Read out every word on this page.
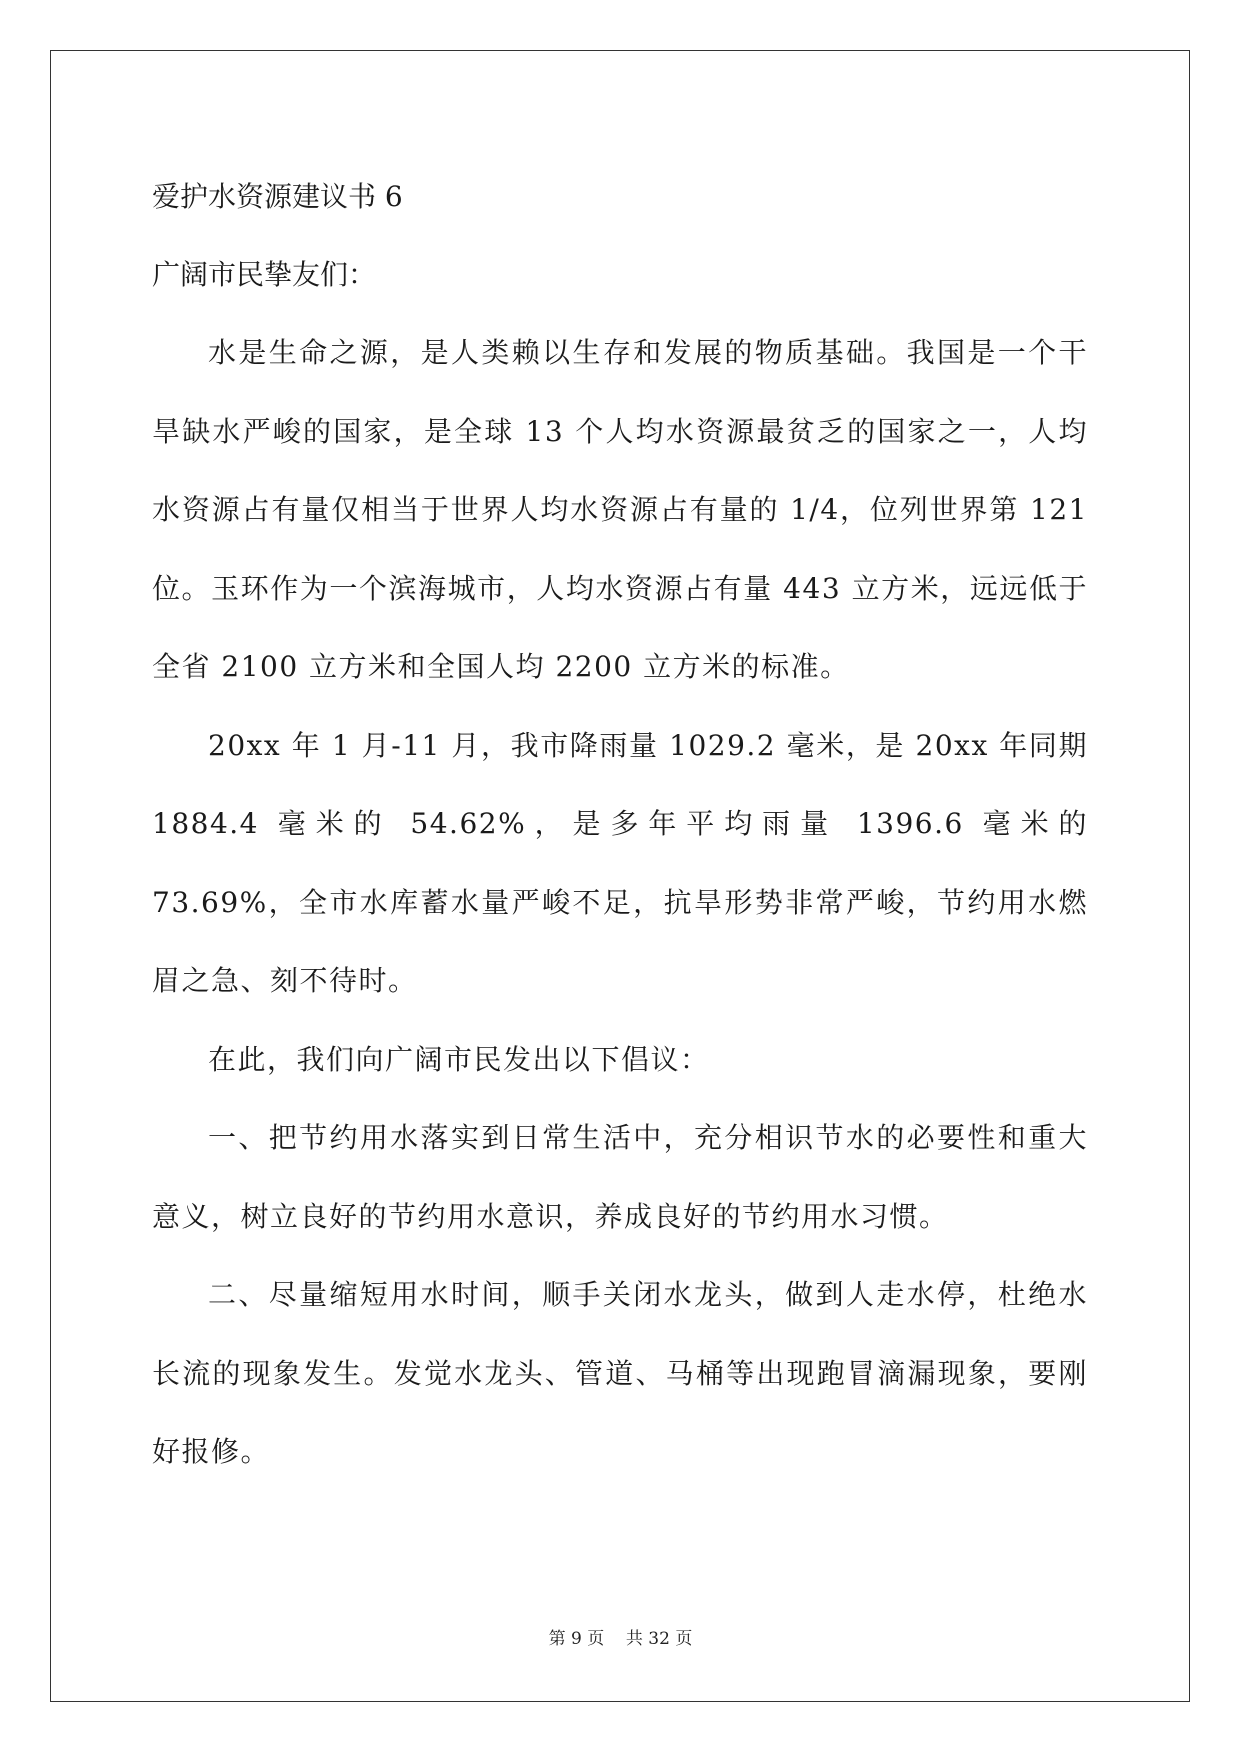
爱护水资源建议书 6

广阔市民挚友们：

水是生命之源，是人类赖以生存和发展的物质基础。我国是一个干旱缺水严峻的国家，是全球 13 个人均水资源最贫乏的国家之一，人均水资源占有量仅相当于世界人均水资源占有量的 1/4，位列世界第 121 位。玉环作为一个滨海城市，人均水资源占有量 443 立方米，远远低于全省 2100 立方米和全国人均 2200 立方米的标准。

20xx 年 1 月-11 月，我市降雨量 1029.2 毫米，是 20xx 年同期 1884.4 毫米的 54.62%，是多年平均雨量 1396.6 毫米的 73.69%，全市水库蓄水量严峻不足，抗旱形势非常严峻，节约用水燃眉之急、刻不待时。

在此，我们向广阔市民发出以下倡议：

一、把节约用水落实到日常生活中，充分相识节水的必要性和重大意义，树立良好的节约用水意识，养成良好的节约用水习惯。

二、尽量缩短用水时间，顺手关闭水龙头，做到人走水停，杜绝水长流的现象发生。发觉水龙头、管道、马桶等出现跑冒滴漏现象，要刚好报修。

第 9 页 共 32 页
